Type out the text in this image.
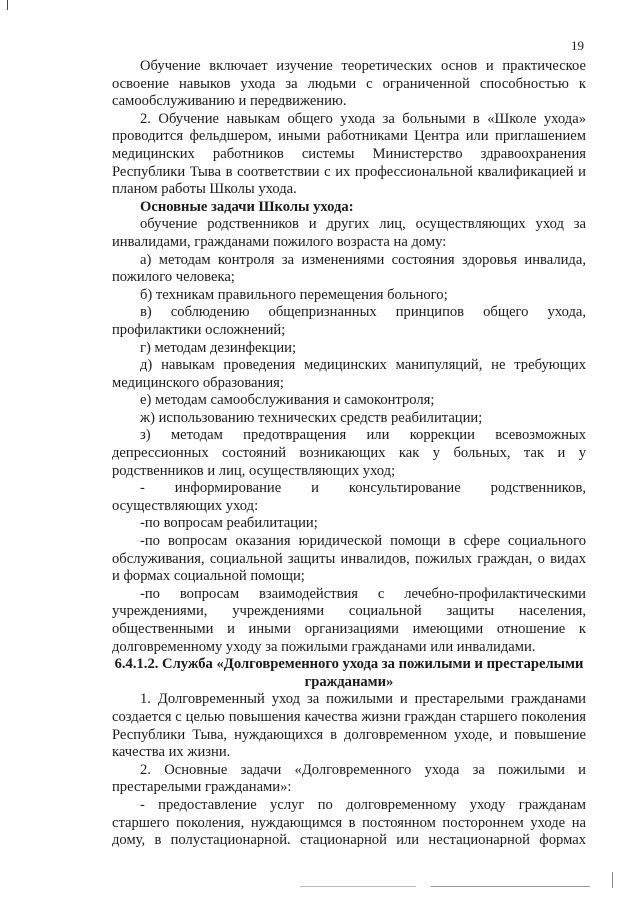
19

Обучение включает изучение теоретических основ и практическое освоение навыков ухода за людьми с ограниченной способностью к самообслуживанию и передвижению.

2. Обучение навыкам общего ухода за больными в «Школе ухода» проводится фельдшером, иными работниками Центра или приглашением медицинских работников системы Министерство здравоохранения Республики Тыва в соответствии с их профессиональной квалификацией и планом работы Школы ухода.

Основные задачи Школы ухода:

обучение родственников и других лиц, осуществляющих уход за инвалидами, гражданами пожилого возраста на дому:

а) методам контроля за изменениями состояния здоровья инвалида, пожилого человека;

б) техникам правильного перемещения больного;

в) соблюдению общепризнанных принципов общего ухода, профилактики осложнений;

г) методам дезинфекции;

д) навыкам проведения медицинских манипуляций, не требующих медицинского образования;

е) методам самообслуживания и самоконтроля;

ж) использованию технических средств реабилитации;

з) методам предотвращения или коррекции всевозможных депрессионных состояний возникающих как у больных, так и у родственников и лиц, осуществляющих уход;

- информирование и консультирование родственников, осуществляющих уход:

-по вопросам реабилитации;

-по вопросам оказания юридической помощи в сфере социального обслуживания, социальной защиты инвалидов, пожилых граждан, о видах и формах социальной помощи;

-по вопросам взаимодействия с лечебно-профилактическими учреждениями, учреждениями социальной защиты населения, общественными и иными организациями имеющими отношение к долговременному уходу за пожилыми гражданами или инвалидами.

6.4.1.2. Служба «Долговременного ухода за пожилыми и престарелыми гражданами»

1. Долговременный уход за пожилыми и престарелыми гражданами создается с целью повышения качества жизни граждан старшего поколения Республики Тыва, нуждающихся в долговременном уходе, и повышение качества их жизни.

2. Основные задачи «Долговременного ухода за пожилыми и престарелыми гражданами»:

- предоставление услуг по долговременному уходу гражданам старшего поколения, нуждающимся в постоянном постороннем уходе на дому, в полустационарной. стационарной или нестационарной формах
